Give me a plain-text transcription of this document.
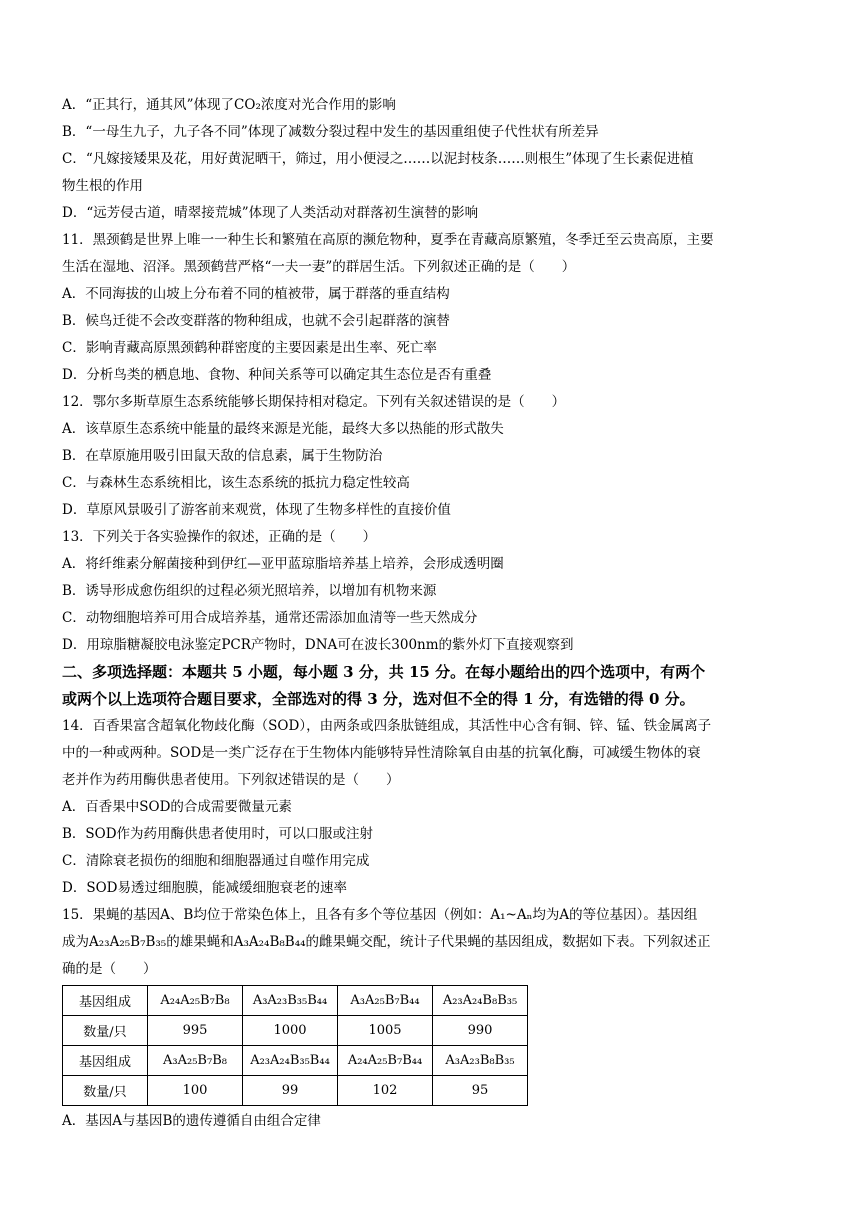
A．“正其行，通其风”体现了CO₂浓度对光合作用的影响
B．“一母生九子，九子各不同”体现了减数分裂过程中发生的基因重组使子代性状有所差异
C．“凡嫁接矮果及花，用好黄泥晒干，筛过，用小便浸之……以泥封枝条……则根生”体现了生长素促进植
物生根的作用
D．“远芳侵古道，晴翠接荒城”体现了人类活动对群落初生演替的影响
11．黑颈鹤是世界上唯一一种生长和繁殖在高原的濒危物种，夏季在青藏高原繁殖，冬季迁至云贵高原，主要
生活在湿地、沼泽。黑颈鹤营严格“一夫一妻”的群居生活。下列叙述正确的是（　　）
A．不同海拔的山坡上分布着不同的植被带，属于群落的垂直结构
B．候鸟迁徙不会改变群落的物种组成，也就不会引起群落的演替
C．影响青藏高原黑颈鹤种群密度的主要因素是出生率、死亡率
D．分析鸟类的栖息地、食物、种间关系等可以确定其生态位是否有重叠
12．鄂尔多斯草原生态系统能够长期保持相对稳定。下列有关叙述错误的是（　　）
A．该草原生态系统中能量的最终来源是光能，最终大多以热能的形式散失
B．在草原施用吸引田鼠天敌的信息素，属于生物防治
C．与森林生态系统相比，该生态系统的抵抗力稳定性较高
D．草原风景吸引了游客前来观赏，体现了生物多样性的直接价值
13．下列关于各实验操作的叙述，正确的是（　　）
A．将纤维素分解菌接种到伊红—亚甲蓝琼脂培养基上培养，会形成透明圈
B．诱导形成愈伤组织的过程必须光照培养，以增加有机物来源
C．动物细胞培养可用合成培养基，通常还需添加血清等一些天然成分
D．用琼脂糖凝胶电泳鉴定PCR产物时，DNA可在波长300nm的紫外灯下直接观察到
二、多项选择题：本题共 5 小题，每小题 3 分，共 15 分。在每小题给出的四个选项中，有两个
或两个以上选项符合题目要求，全部选对的得 3 分，选对但不全的得 1 分，有选错的得 0 分。
14．百香果富含超氧化物歧化酶（SOD），由两条或四条肽链组成，其活性中心含有铜、锌、锰、铁金属离子
中的一种或两种。SOD是一类广泛存在于生物体内能够特异性清除氧自由基的抗氧化酶，可减缓生物体的衰
老并作为药用酶供患者使用。下列叙述错误的是（　　）
A．百香果中SOD的合成需要微量元素
B．SOD作为药用酶供患者使用时，可以口服或注射
C．清除衰老损伤的细胞和细胞器通过自噬作用完成
D．SOD易透过细胞膜，能减缓细胞衰老的速率
15．果蝇的基因A、B均位于常染色体上，且各有多个等位基因（例如：A₁~Aₙ均为A的等位基因）。基因组
成为A₂₃A₂₅B₇B₃₅的雄果蝇和A₃A₂₄B₈B₄₄的雌果蝇交配，统计子代果蝇的基因组成，数据如下表。下列叙述正
确的是（　　）
基因组成	A₂₄A₂₅B₇B₈	A₃A₂₃B₃₅B₄₄	A₃A₂₅B₇B₄₄	A₂₃A₂₄B₈B₃₅
数量/只	995	1000	1005	990
基因组成	A₃A₂₅B₇B₈	A₂₃A₂₄B₃₅B₄₄	A₂₄A₂₅B₇B₄₄	A₃A₂₃B₈B₃₅
数量/只	100	99	102	95
A．基因A与基因B的遗传遵循自由组合定律
